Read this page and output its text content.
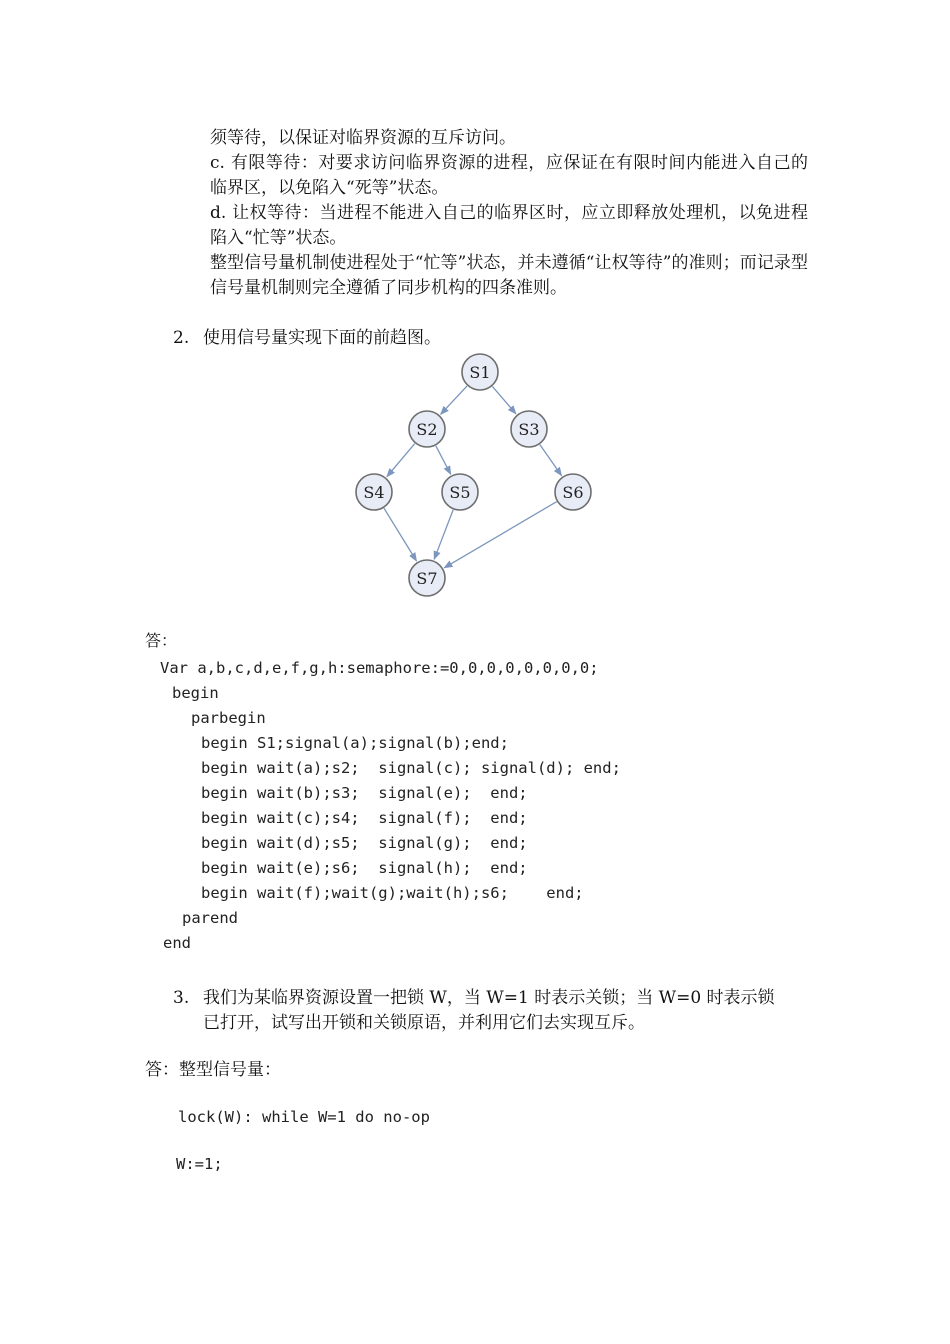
须等待，以保证对临界资源的互斥访问。
c. 有限等待：对要求访问临界资源的进程，应保证在有限时间内能进入自己的临界区，以免陷入“死等”状态。
d. 让权等待：当进程不能进入自己的临界区时，应立即释放处理机，以免进程陷入“忙等”状态。
整型信号量机制使进程处于“忙等”状态，并未遵循“让权等待”的准则；而记录型信号量机制则完全遵循了同步机构的四条准则。
2. 使用信号量实现下面的前趋图。
S1
S2	S3
S4	S5	S6
S7
答：
Var a,b,c,d,e,f,g,h:semaphore:=0,0,0,0,0,0,0,0;
begin
parbegin
begin S1;signal(a);signal(b);end;
begin wait(a);s2;  signal(c); signal(d); end;
begin wait(b);s3;  signal(e);  end;
begin wait(c);s4;  signal(f);  end;
begin wait(d);s5;  signal(g);  end;
begin wait(e);s6;  signal(h);  end;
begin wait(f);wait(g);wait(h);s6;    end;
parend
end
3. 我们为某临界资源设置一把锁 W，当 W=1 时表示关锁；当 W=0 时表示锁
已打开，试写出开锁和关锁原语，并利用它们去实现互斥。
答：整型信号量：
lock(W): while W=1 do no-op
W:=1;
